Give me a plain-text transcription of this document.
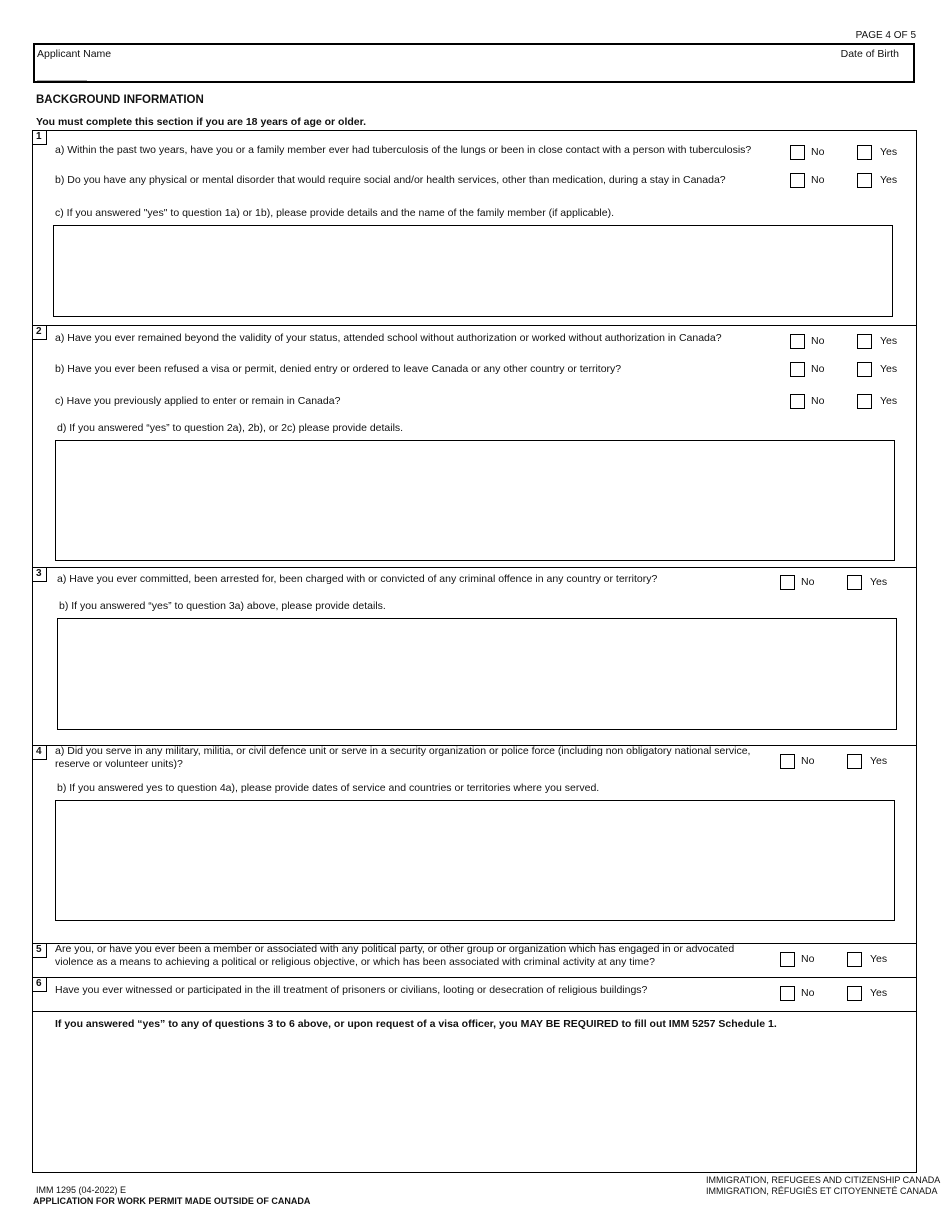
PAGE 4 OF 5
Applicant Name	Date of Birth
BACKGROUND INFORMATION
You must complete this section if you are 18 years of age or older.
1
a) Within the past two years, have you or a family member ever had tuberculosis of the lungs or been in close contact with a person with tuberculosis?	No	Yes
b) Do you have any physical or mental disorder that would require social and/or health services, other than medication, during a stay in Canada?	No	Yes
c) If you answered "yes" to question 1a) or 1b), please provide details and the name of the family member (if applicable).
2
a) Have you ever remained beyond the validity of your status, attended school without authorization or worked without authorization in Canada?	No	Yes
b) Have you ever been refused a visa or permit, denied entry or ordered to leave Canada or any other country or territory?	No	Yes
c) Have you previously applied to enter or remain in Canada?	No	Yes
d) If you answered “yes” to question 2a), 2b), or 2c) please provide details.
3	a) Have you ever committed, been arrested for, been charged with or convicted of any criminal offence in any country or territory?	No	Yes
b) If you answered “yes” to question 3a) above, please provide details.
4	a) Did you serve in any military, militia, or civil defence unit or serve in a security organization or police force (including non obligatory national service, reserve or volunteer units)?	No	Yes
b) If you answered yes to question 4a), please provide dates of service and countries or territories where you served.
5	Are you, or have you ever been a member or associated with any political party, or other group or organization which has engaged in or advocated violence as a means to achieving a political or religious objective, or which has been associated with criminal activity at any time?	No	Yes
6
Have you ever witnessed or participated in the ill treatment of prisoners or civilians, looting or desecration of religious buildings?	No	Yes
If you answered “yes” to any of questions 3 to 6 above, or upon request of a visa officer, you MAY BE REQUIRED to fill out IMM 5257 Schedule 1.
IMM 1295 (04-2022) E
APPLICATION FOR WORK PERMIT MADE OUTSIDE OF CANADA
IMMIGRATION, REFUGEES AND CITIZENSHIP CANADA
IMMIGRATION, RÉFUGIÉS ET CITOYENNETÉ CANADA
